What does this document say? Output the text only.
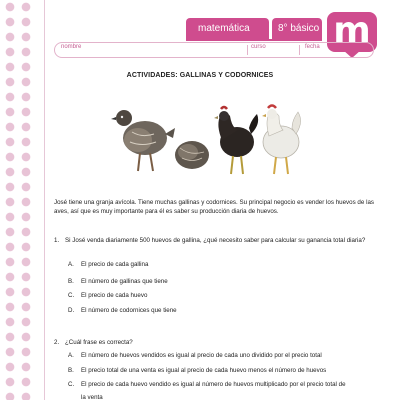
matemática	8° básico m
nombre	curso	fecha
ACTIVIDADES: GALLINAS Y CODORNICES
José tiene una granja avícola. Tiene muchas gallinas y codornices. Su principal negocio es vender los huevos de las aves, así que es muy importante para él es saber su producción diaria de huevos.
1. Si José venda diariamente 500 huevos de gallina, ¿qué necesito saber para calcular su ganancia total diaria?
A. El precio de cada gallina
B. El número de gallinas que tiene
C. El precio de cada huevo
D. El número de codornices que tiene
2. ¿Cuál frase es correcta?
A. El número de huevos vendidos es igual al precio de cada uno dividido por el precio total
B. El precio total de una venta es igual al precio de cada huevo menos el número de huevos
C. El precio de cada huevo vendido es igual al número de huevos multiplicado por el precio total de
la venta
